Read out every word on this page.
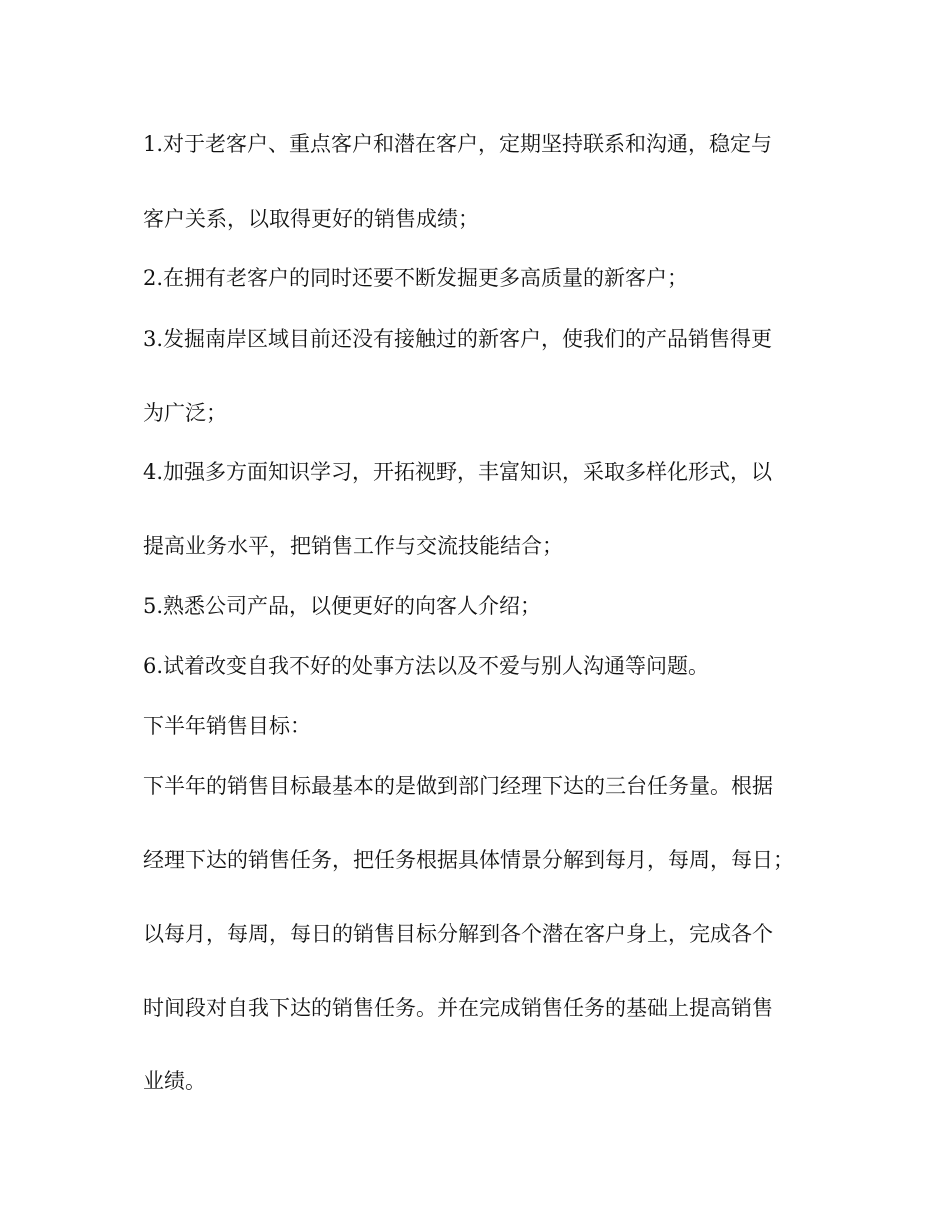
1.对于老客户、重点客户和潜在客户，定期坚持联系和沟通，稳定与

客户关系，以取得更好的销售成绩；

2.在拥有老客户的同时还要不断发掘更多高质量的新客户；

3.发掘南岸区域目前还没有接触过的新客户，使我们的产品销售得更

为广泛；

4.加强多方面知识学习，开拓视野，丰富知识，采取多样化形式，以

提高业务水平，把销售工作与交流技能结合；

5.熟悉公司产品，以便更好的向客人介绍；

6.试着改变自我不好的处事方法以及不爱与别人沟通等问题。

下半年销售目标：

下半年的销售目标最基本的是做到部门经理下达的三台任务量。根据

经理下达的销售任务，把任务根据具体情景分解到每月，每周，每日；

以每月，每周，每日的销售目标分解到各个潜在客户身上，完成各个

时间段对自我下达的销售任务。并在完成销售任务的基础上提高销售

业绩。
